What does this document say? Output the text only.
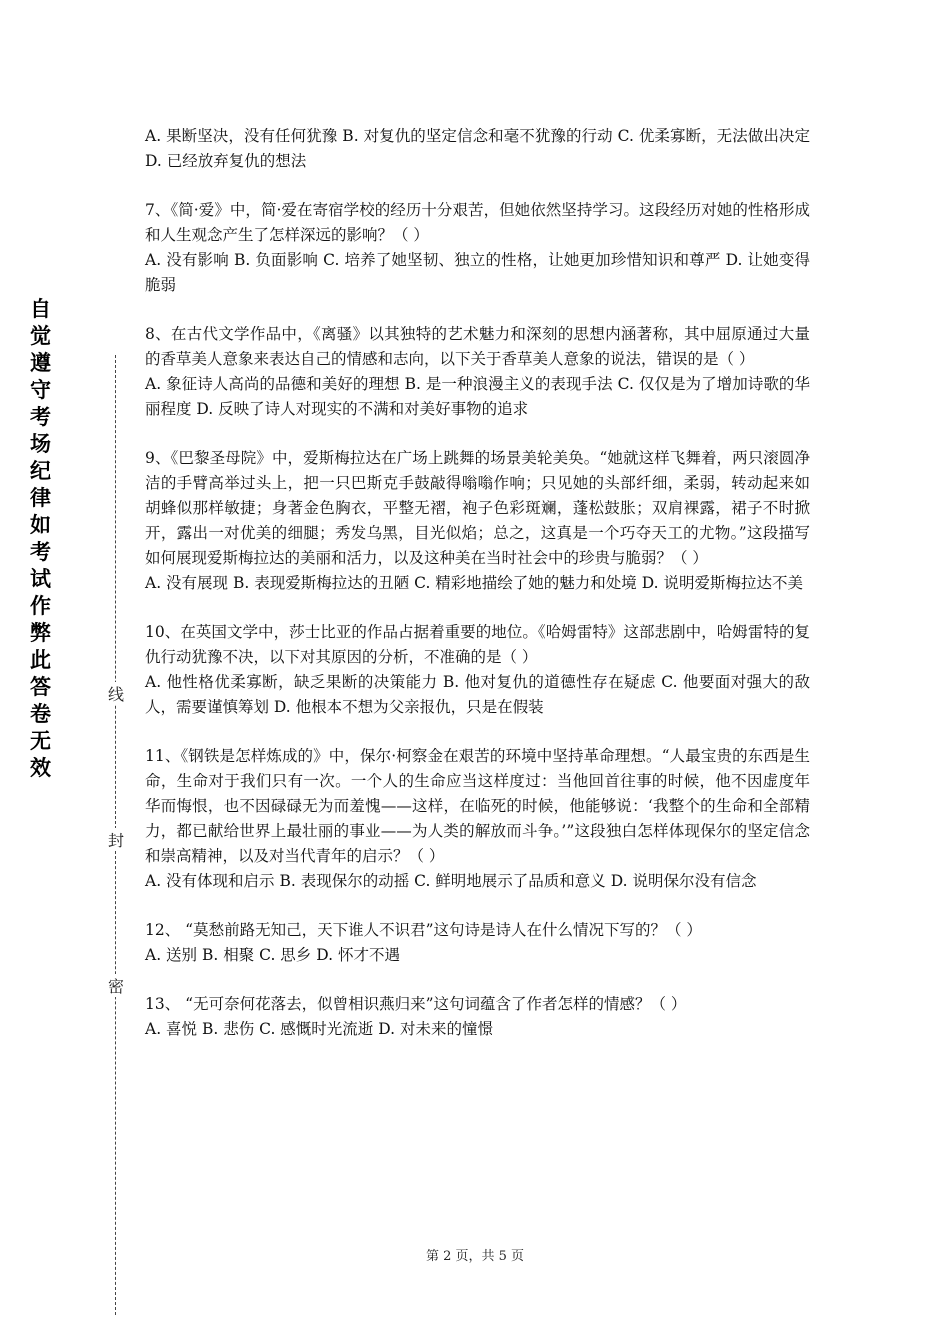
自觉遵守考场纪律如考试作弊此答卷无效
线
封
密

A. 果断坚决，没有任何犹豫 B. 对复仇的坚定信念和毫不犹豫的行动 C. 优柔寡断，无法做出决定 D. 已经放弃复仇的想法

7、《简·爱》中，简·爱在寄宿学校的经历十分艰苦，但她依然坚持学习。这段经历对她的性格形成和人生观念产生了怎样深远的影响？（ ）

A. 没有影响 B. 负面影响 C. 培养了她坚韧、独立的性格，让她更加珍惜知识和尊严 D. 让她变得脆弱

8、在古代文学作品中，《离骚》以其独特的艺术魅力和深刻的思想内涵著称，其中屈原通过大量的香草美人意象来表达自己的情感和志向，以下关于香草美人意象的说法，错误的是（ ）

A. 象征诗人高尚的品德和美好的理想 B. 是一种浪漫主义的表现手法 C. 仅仅是为了增加诗歌的华丽程度 D. 反映了诗人对现实的不满和对美好事物的追求

9、《巴黎圣母院》中，爱斯梅拉达在广场上跳舞的场景美轮美奂。“她就这样飞舞着，两只滚圆净洁的手臂高举过头上，把一只巴斯克手鼓敲得嗡嗡作响；只见她的头部纤细，柔弱，转动起来如胡蜂似那样敏捷；身著金色胸衣，平整无褶，袍子色彩斑斓，蓬松鼓胀；双肩裸露，裙子不时掀开，露出一对优美的细腿；秀发乌黑，目光似焰；总之，这真是一个巧夺天工的尤物。”这段描写如何展现爱斯梅拉达的美丽和活力，以及这种美在当时社会中的珍贵与脆弱？（ ）

A. 没有展现 B. 表现爱斯梅拉达的丑陋 C. 精彩地描绘了她的魅力和处境 D. 说明爱斯梅拉达不美

10、在英国文学中，莎士比亚的作品占据着重要的地位。《哈姆雷特》这部悲剧中，哈姆雷特的复仇行动犹豫不决，以下对其原因的分析，不准确的是（ ）

A. 他性格优柔寡断，缺乏果断的决策能力 B. 他对复仇的道德性存在疑虑 C. 他要面对强大的敌人，需要谨慎筹划 D. 他根本不想为父亲报仇，只是在假装

11、《钢铁是怎样炼成的》中，保尔·柯察金在艰苦的环境中坚持革命理想。“人最宝贵的东西是生命，生命对于我们只有一次。一个人的生命应当这样度过：当他回首往事的时候，他不因虚度年华而悔恨，也不因碌碌无为而羞愧——这样，在临死的时候，他能够说：‘我整个的生命和全部精力，都已献给世界上最壮丽的事业——为人类的解放而斗争。’”这段独白怎样体现保尔的坚定信念和崇高精神，以及对当代青年的启示？（ ）

A. 没有体现和启示 B. 表现保尔的动摇 C. 鲜明地展示了品质和意义 D. 说明保尔没有信念

12、 “莫愁前路无知己，天下谁人不识君”这句诗是诗人在什么情况下写的？（ ）

A. 送别 B. 相聚 C. 思乡 D. 怀才不遇

13、 “无可奈何花落去，似曾相识燕归来”这句词蕴含了作者怎样的情感？（ ）

A. 喜悦 B. 悲伤 C. 感慨时光流逝 D. 对未来的憧憬

第 2 页，共 5 页
